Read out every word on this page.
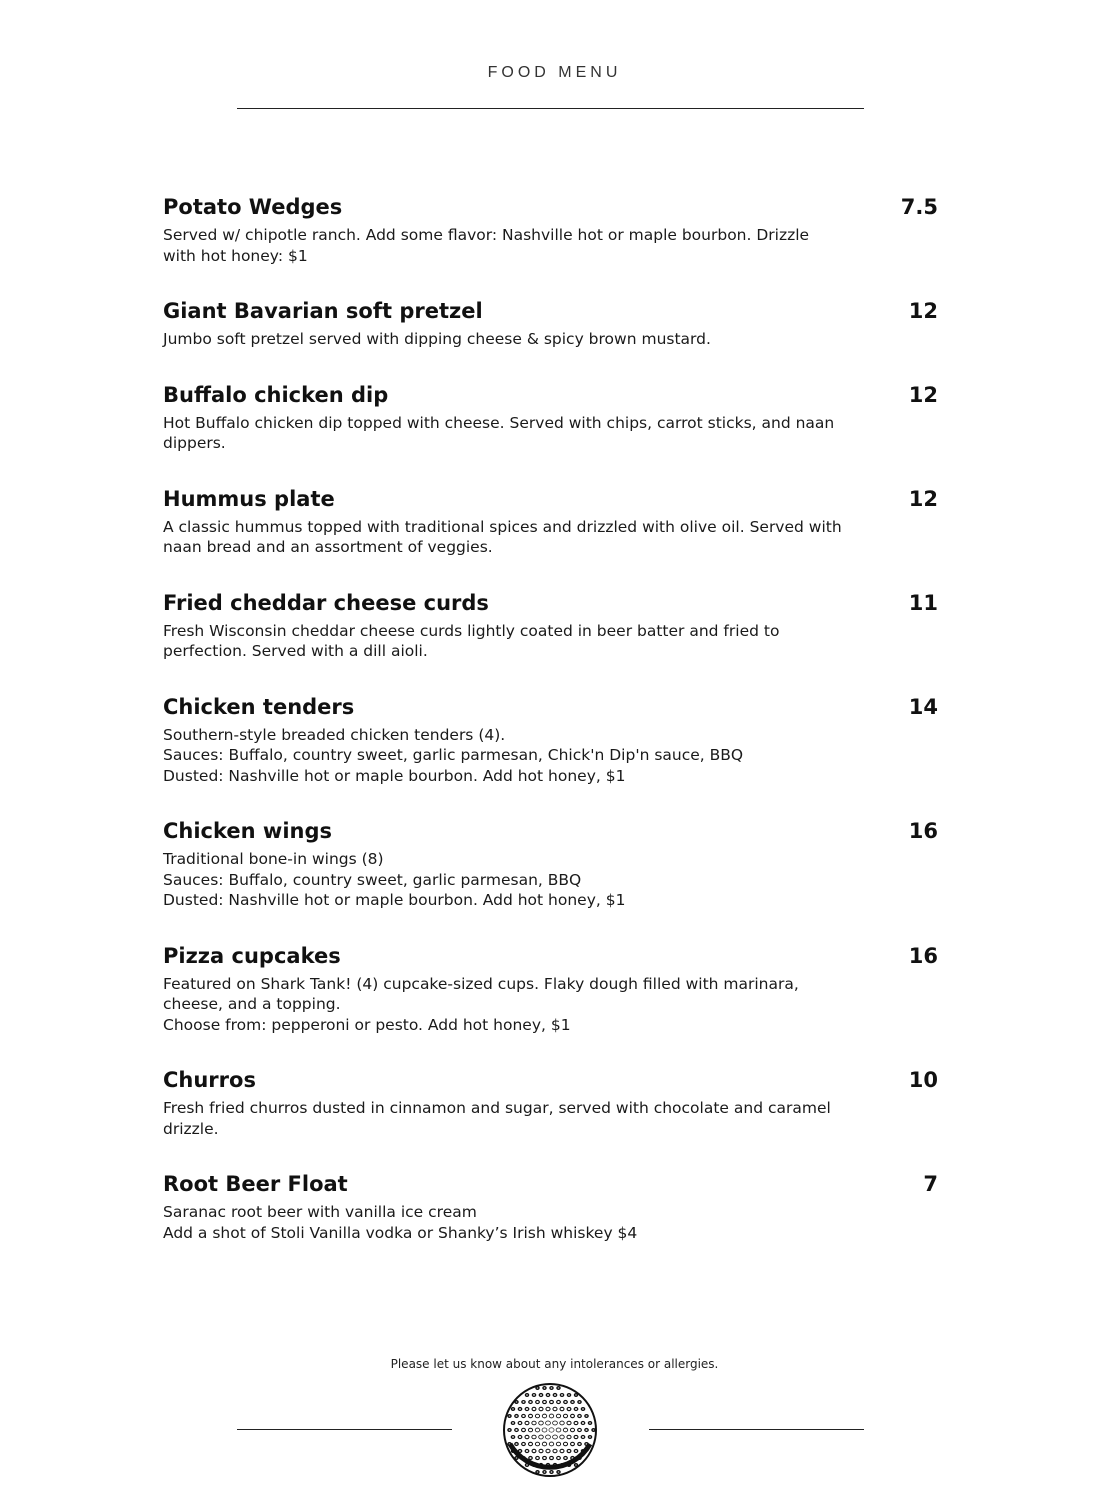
FOOD MENU
Potato Wedges	7.5
Served w/ chipotle ranch. Add some flavor: Nashville hot or maple bourbon. Drizzle with hot honey: $1
Giant Bavarian soft pretzel	12
Jumbo soft pretzel served with dipping cheese & spicy brown mustard.
Buffalo chicken dip	12
Hot Buffalo chicken dip topped with cheese. Served with chips, carrot sticks, and naan dippers.
Hummus plate	12
A classic hummus topped with traditional spices and drizzled with olive oil. Served with naan bread and an assortment of veggies.
Fried cheddar cheese curds	11
Fresh Wisconsin cheddar cheese curds lightly coated in beer batter and fried to perfection. Served with a dill aioli.
Chicken tenders	14
Southern-style breaded chicken tenders (4).
Sauces: Buffalo, country sweet, garlic parmesan, Chick'n Dip'n sauce, BBQ
Dusted: Nashville hot or maple bourbon. Add hot honey, $1
Chicken wings	16
Traditional bone-in wings (8)
Sauces: Buffalo, country sweet, garlic parmesan, BBQ
Dusted: Nashville hot or maple bourbon. Add hot honey, $1
Pizza cupcakes	16
Featured on Shark Tank! (4) cupcake-sized cups. Flaky dough filled with marinara, cheese, and a topping.
Choose from: pepperoni or pesto. Add hot honey, $1
Churros	10
Fresh fried churros dusted in cinnamon and sugar, served with chocolate and caramel drizzle.
Root Beer Float	7
Saranac root beer with vanilla ice cream
Add a shot of Stoli Vanilla vodka or Shanky’s Irish whiskey $4
Please let us know about any intolerances or allergies.
